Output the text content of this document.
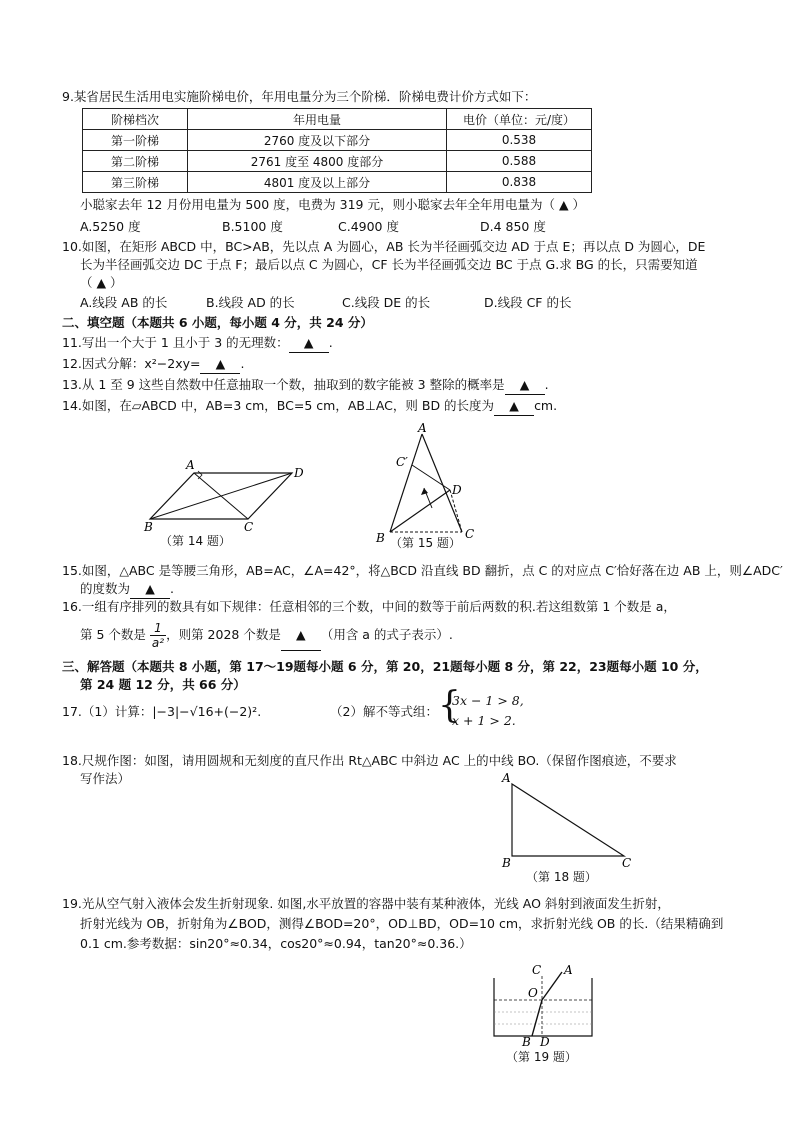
9.某省居民生活用电实施阶梯电价，年用电量分为三个阶梯．阶梯电费计价方式如下：
阶梯档次	年用电量	电价（单位：元/度）
第一阶梯	2760 度及以下部分	0.538
第二阶梯	2761 度至 4800 度部分	0.588
第三阶梯	4801 度及以上部分	0.838
小聪家去年 12 月份用电量为 500 度，电费为 319 元，则小聪家去年全年用电量为（ ▲ ）
A.5250 度	B.5100 度	C.4900 度	D.4 850 度
10.如图，在矩形 ABCD 中，BC>AB，先以点 A 为圆心，AB 长为半径画弧交边 AD 于点 E；再以点 D 为圆心，DE
长为半径画弧交边 DC 于点 F；最后以点 C 为圆心，CF 长为半径画弧交边 BC 于点 G.求 BG 的长，只需要知道
（ ▲ ）
A.线段 AB 的长	B.线段 AD 的长	C.线段 DE 的长	D.线段 CF 的长
二、填空题（本题共 6 小题，每小题 4 分，共 24 分）
11.写出一个大于 1 且小于 3 的无理数： ▲ .
12.因式分解：x²−2xy= ▲ .
13.从 1 至 9 这些自然数中任意抽取一个数，抽取到的数字能被 3 整除的概率是 ▲ .
14.如图，在▱ABCD 中，AB=3 cm，BC=5 cm，AB⊥AC，则 BD 的长度为 ▲ cm.
A
D
B	C
（第 14 题）
A
C′
D
B	C
（第 15 题）
15.如图，△ABC 是等腰三角形，AB=AC，∠A=42°，将△BCD 沿直线 BD 翻折，点 C 的对应点 C′恰好落在边 AB 上，则∠ADC′
的度数为 ▲ .
16.一组有序排列的数具有如下规律：任意相邻的三个数，中间的数等于前后两数的积.若这组数第 1 个数是 a，
第 5 个数是 $\frac{1}{\text{a²}}$ ，则第 2028 个数是 ▲ （用含 a 的式子表示）.
三、解答题（本题共 8 小题，第 17～19题每小题 6 分，第 20，21题每小题 8 分，第 22，23题每小题 10 分，
第 24 题 12 分，共 66 分）
17.（1）计算：|−3|−√16+(−2)².	（2）解不等式组： {
3x − 1 > 8,
x + 1 > 2.
18.尺规作图：如图，请用圆规和无刻度的直尺作出 Rt△ABC 中斜边 AC 上的中线 BO.（保留作图痕迹，不要求
写作法）	A
B	C
（第 18 题）
19.光从空气射入液体会发生折射现象. 如图,水平放置的容器中装有某种液体，光线 AO 斜射到液面发生折射，
折射光线为 OB，折射角为∠BOD，测得∠BOD=20°，OD⊥BD，OD=10 cm，求折射光线 OB 的长.（结果精确到
0.1 cm.参考数据：sin20°≈0.34，cos20°≈0.94，tan20°≈0.36.）
C A
O
B D
（第 19 题）
